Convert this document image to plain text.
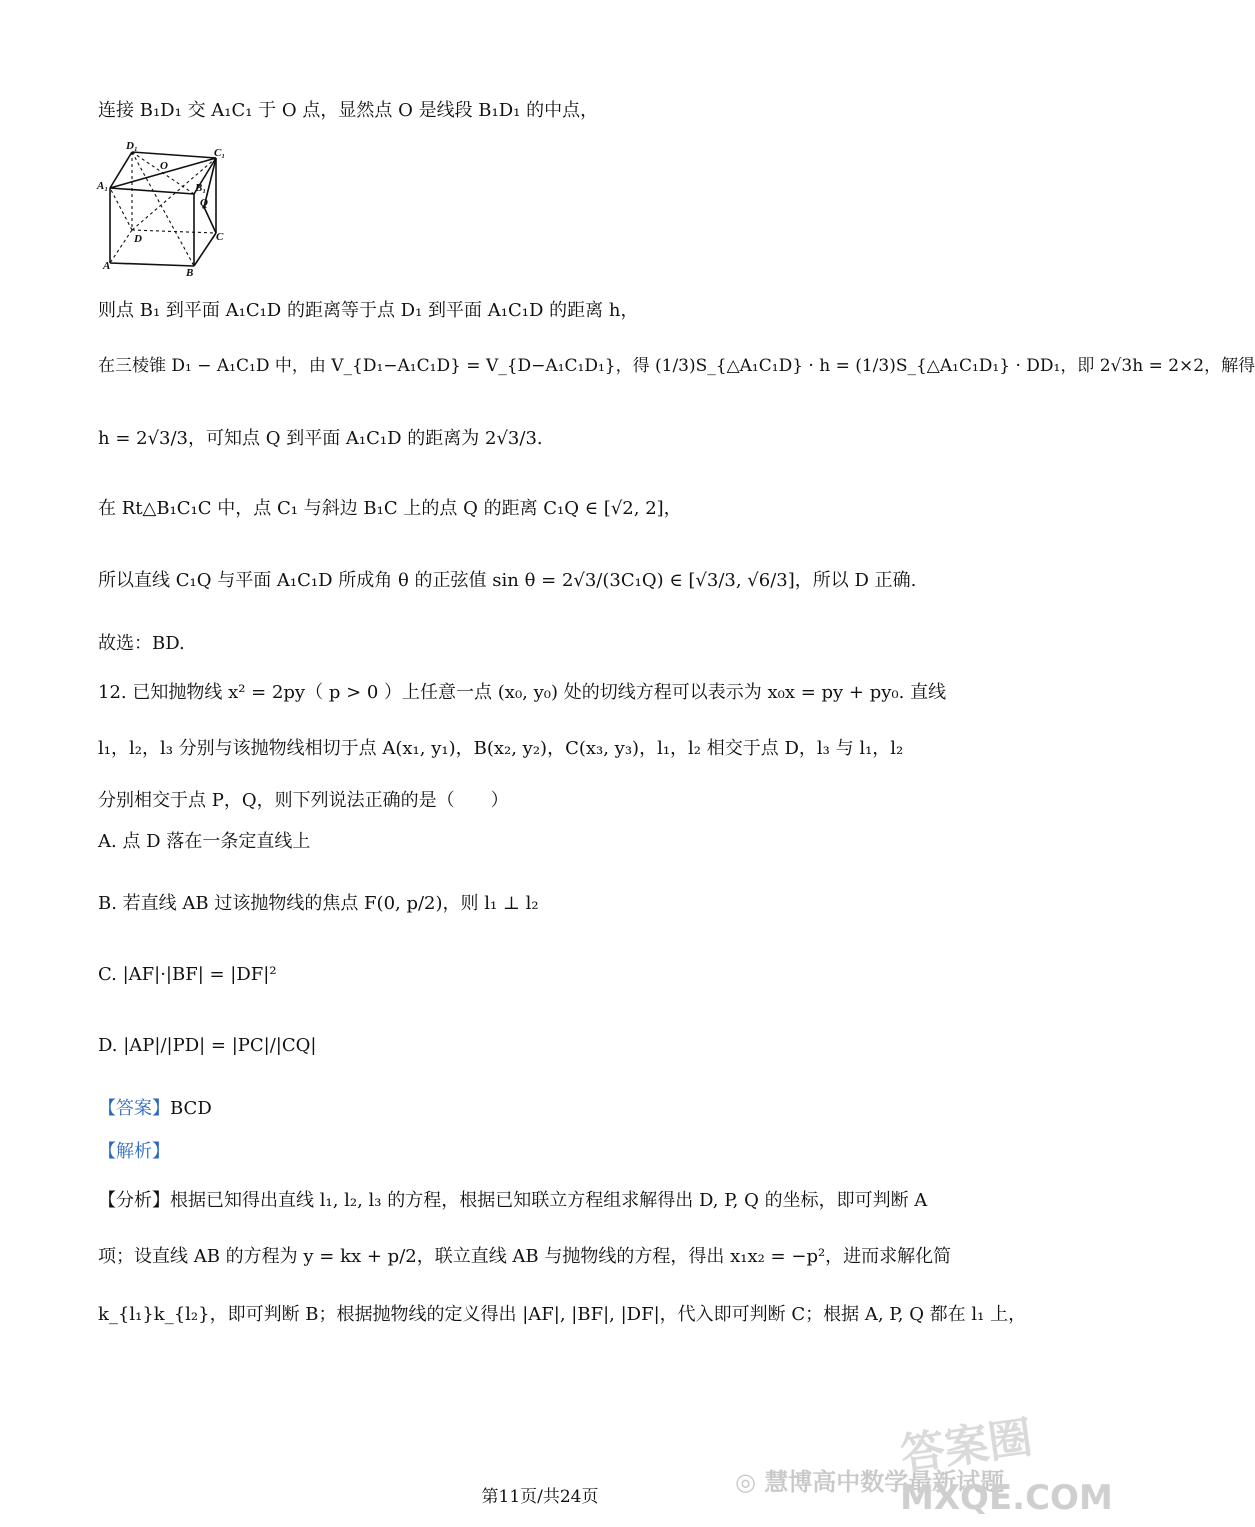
连接 B₁D₁ 交 A₁C₁ 于 O 点，显然点 O 是线段 B₁D₁ 的中点，
D₁
C₁
A₁
O
B₁
Q
D	C
A
B
则点 B₁ 到平面 A₁C₁D 的距离等于点 D₁ 到平面 A₁C₁D 的距离 h，
在三棱锥 D₁ − A₁C₁D 中，由 V_{D₁−A₁C₁D} = V_{D−A₁C₁D₁}，得 (1/3)S_{△A₁C₁D} · h = (1/3)S_{△A₁C₁D₁} · DD₁，即 2√3h = 2×2，解得
h = 2√3/3，可知点 Q 到平面 A₁C₁D 的距离为 2√3/3.
在 Rt△B₁C₁C 中，点 C₁ 与斜边 B₁C 上的点 Q 的距离 C₁Q ∈ [√2, 2]，
所以直线 C₁Q 与平面 A₁C₁D 所成角 θ 的正弦值 sin θ = 2√3/(3C₁Q) ∈ [√3/3, √6/3]，所以 D 正确.
故选：BD.
12. 已知抛物线 x² = 2py（ p > 0 ）上任意一点 (x₀, y₀) 处的切线方程可以表示为 x₀x = py + py₀. 直线
l₁，l₂，l₃ 分别与该抛物线相切于点 A(x₁, y₁)，B(x₂, y₂)，C(x₃, y₃)，l₁，l₂ 相交于点 D，l₃ 与 l₁，l₂
分别相交于点 P，Q，则下列说法正确的是（　　）
A. 点 D 落在一条定直线上
B. 若直线 AB 过该抛物线的焦点 F(0, p/2)，则 l₁ ⊥ l₂
C. |AF|·|BF| = |DF|²
D. |AP|/|PD| = |PC|/|CQ|
【答案】BCD
【解析】
【分析】根据已知得出直线 l₁, l₂, l₃ 的方程，根据已知联立方程组求解得出 D, P, Q 的坐标，即可判断 A
项；设直线 AB 的方程为 y = kx + p/2，联立直线 AB 与抛物线的方程，得出 x₁x₂ = −p²，进而求解化简
k_{l₁}k_{l₂}，即可判断 B；根据抛物线的定义得出 |AF|, |BF|, |DF|，代入即可判断 C；根据 A, P, Q 都在 l₁ 上，
第11页/共24页
◎ 慧博高中数学最新试题
答案圈
MXQE.COM
